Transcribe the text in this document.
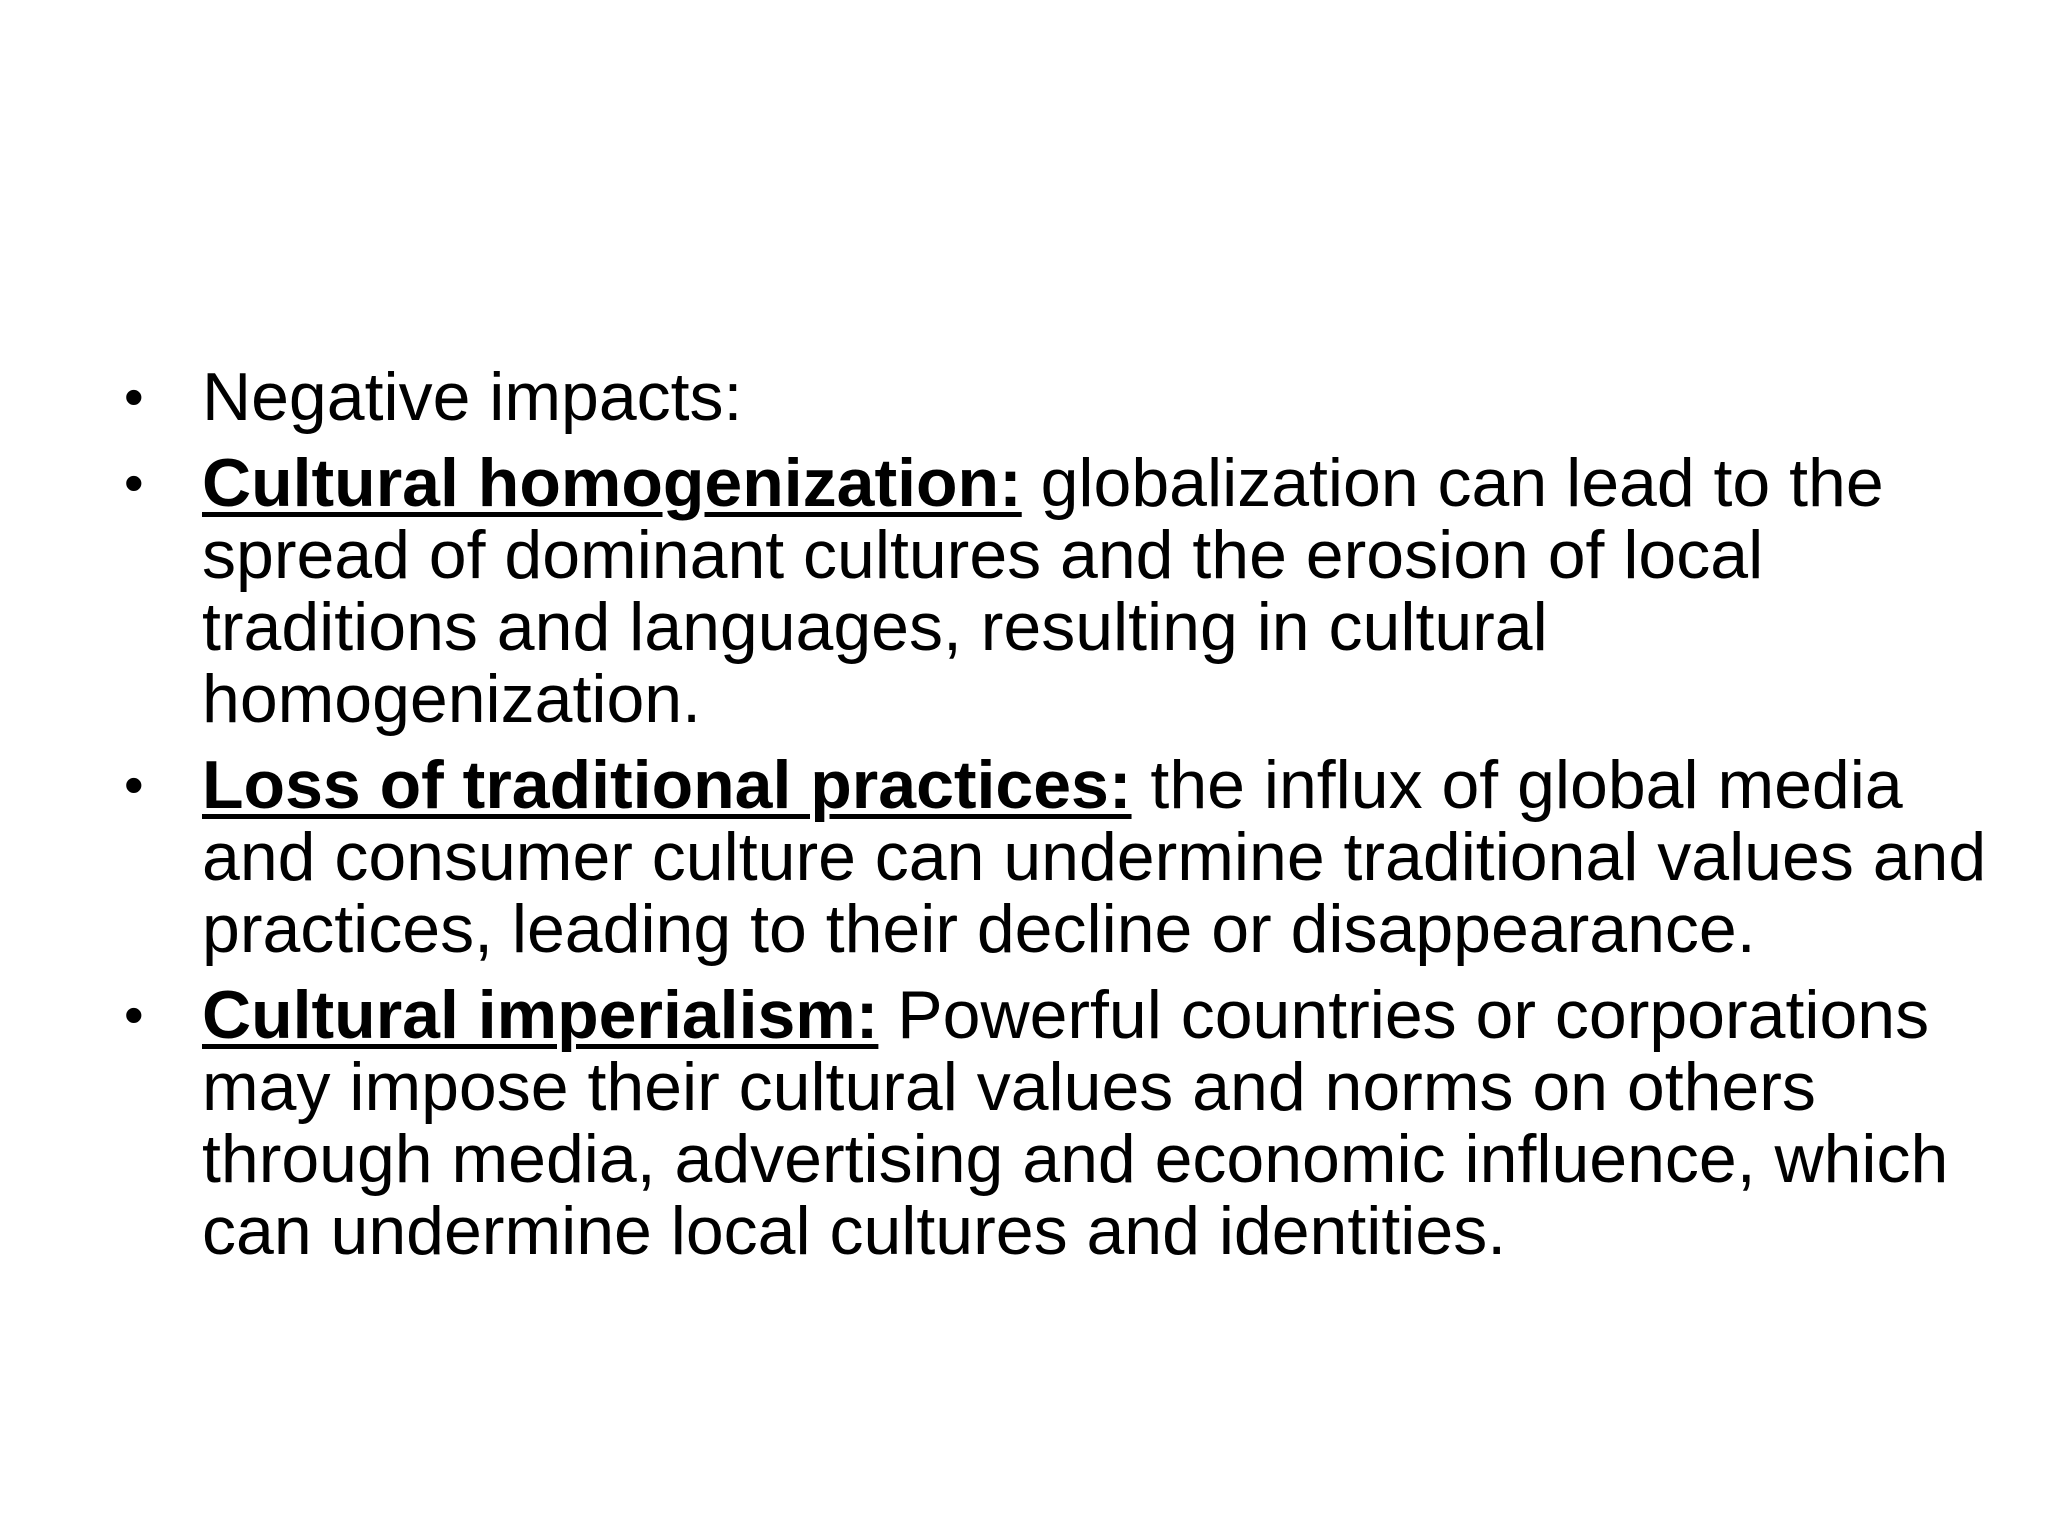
• Negative impacts:
• Cultural homogenization: globalization can lead to the spread of dominant cultures and the erosion of local traditions and languages, resulting in cultural homogenization.
• Loss of traditional practices: the influx of global media and consumer culture can undermine traditional values and practices, leading to their decline or disappearance.
• Cultural imperialism: Powerful countries or corporations may impose their cultural values and norms on others through media, advertising and economic influence, which can undermine local cultures and identities.
